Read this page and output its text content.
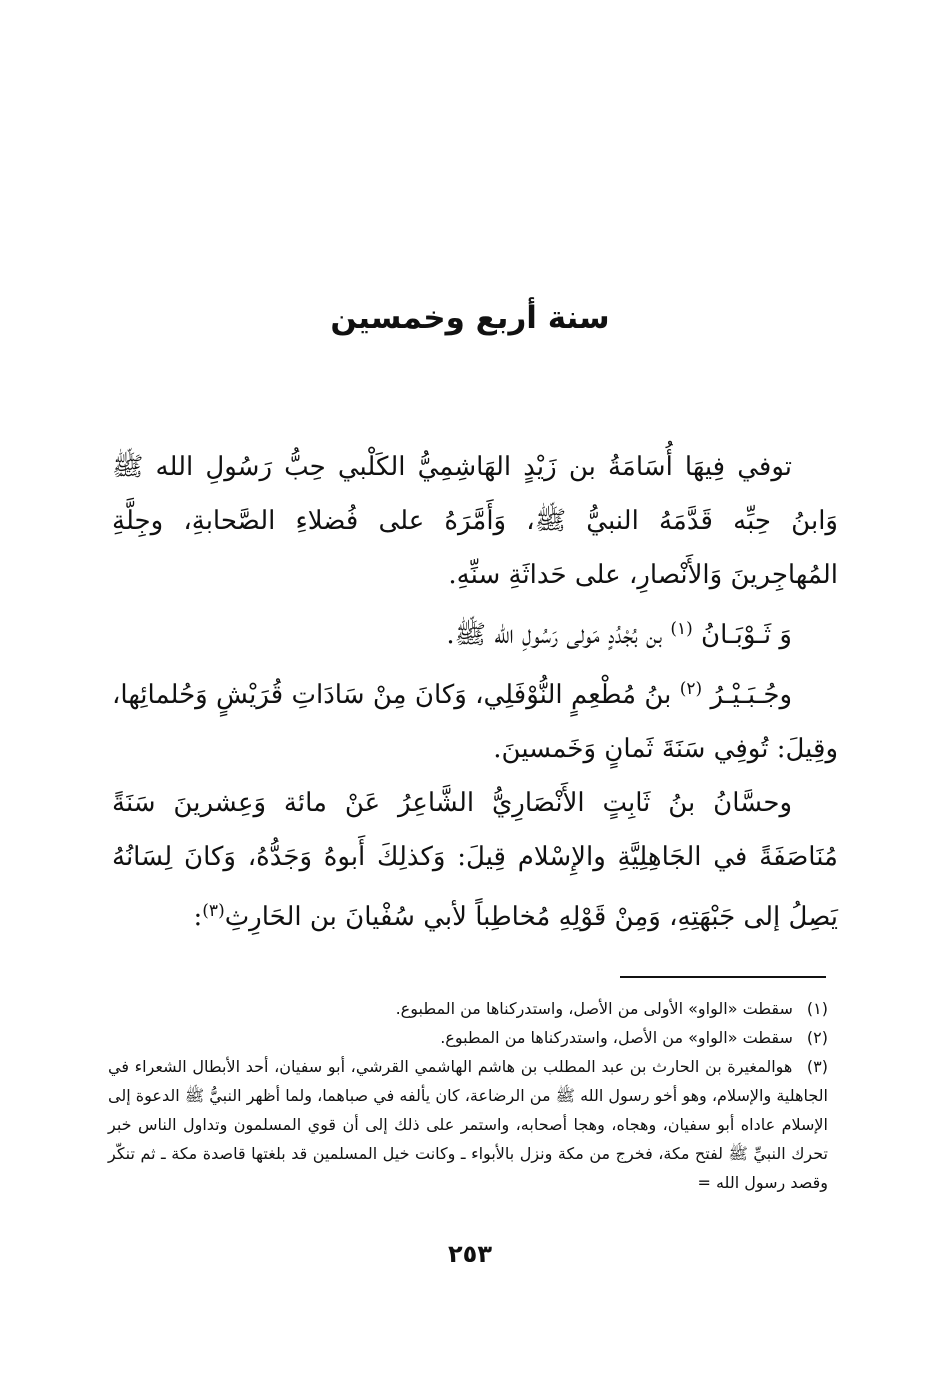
سنة أربع وخمسين

توفي فِيهَا أُسَامَةُ بن زَيْدٍ الهَاشِمِيُّ الكَلْبي حِبُّ رَسُولِ الله ﷺ وَابنُ حِبِّه قَدَّمَهُ النبيُّ ﷺ، وَأَمَّرَهُ على فُضلاءِ الصَّحابةِ، وجِلَّةِ المُهاجِرينَ وَالأَنْصارِ، على حَداثَةِ سنِّهِ.

وَ ثَـوْبَـانُ $^{(١)}$ بن بُجْدُدٍ مَولى رَسُولِ الله ﷺ.

وجُـبَـيْـرُ $^{(٢)}$ بنُ مُطْعِمٍ النُّوْفَلِي، وَكانَ مِنْ سَادَاتِ قُرَيْشٍ وَحُلمائِها، وقِيلَ: تُوفِي سَنَةَ ثَمانٍ وَخَمسينَ.

وحسَّانُ بنُ ثَابِتٍ الأَنْصَارِيُّ الشَّاعِرُ عَنْ مائة وَعِشرينَ سَنَةً مُنَاصَفَةً في الجَاهِلِيَّةِ والإِسْلام قِيلَ: وَكذلِكَ أَبوهُ وَجَدُّهُ، وَكانَ لِسَانُهُ يَصِلُ إلى جَبْهَتِهِ، وَمِنْ قَوْلِهِ مُخاطِباً لأبي سُفْيانَ بن الحَارِثِ$^{(٣)}$:

(١) سقطت «الواو» الأولى من الأصل، واستدركناها من المطبوع.

(٢) سقطت «الواو» من الأصل، واستدركناها من المطبوع.

(٣) هوالمغيرة بن الحارث بن عبد المطلب بن هاشم الهاشمي القرشي، أبو سفيان، أحد الأبطال الشعراء في الجاهلية والإسلام، وهو أخو رسول الله ﷺ من الرضاعة، كان يألفه في صباهما، ولما أظهر النبيُّ ﷺ الدعوة إلى الإسلام عاداه أبو سفيان، وهجاه، وهجا أصحابه، واستمر على ذلك إلى أن قوي المسلمون وتداول الناس خبر تحرك النبيِّ ﷺ لفتح مكة، فخرج من مكة ونزل بالأبواء ـ وكانت خيل المسلمين قد بلغتها قاصدة مكة ـ ثم تنكّر وقصد رسول الله =

٢٥٣
